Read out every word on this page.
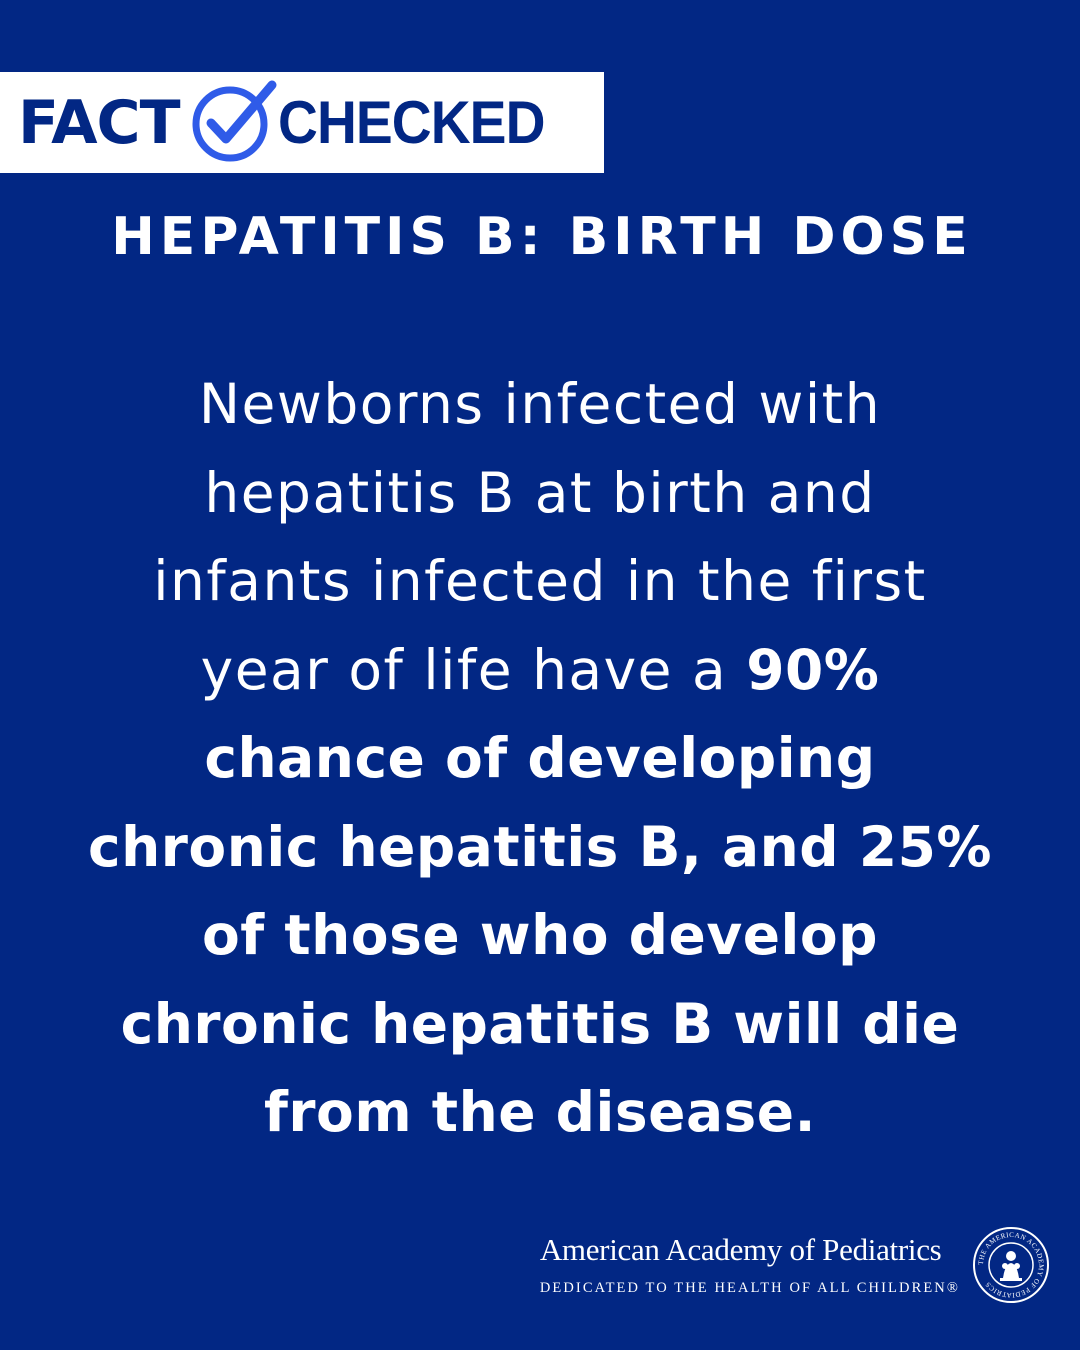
FACT CHECKED
HEPATITIS B: BIRTH DOSE
Newborns infected with
hepatitis B at birth and
infants infected in the first
year of life have a 90%
chance of developing
chronic hepatitis B, and 25%
of those who develop
chronic hepatitis B will die
from the disease.
American Academy of Pediatrics
DEDICATED TO THE HEALTH OF ALL CHILDREN®
THE AMERICAN ACADEMY OF PEDIATRICS
